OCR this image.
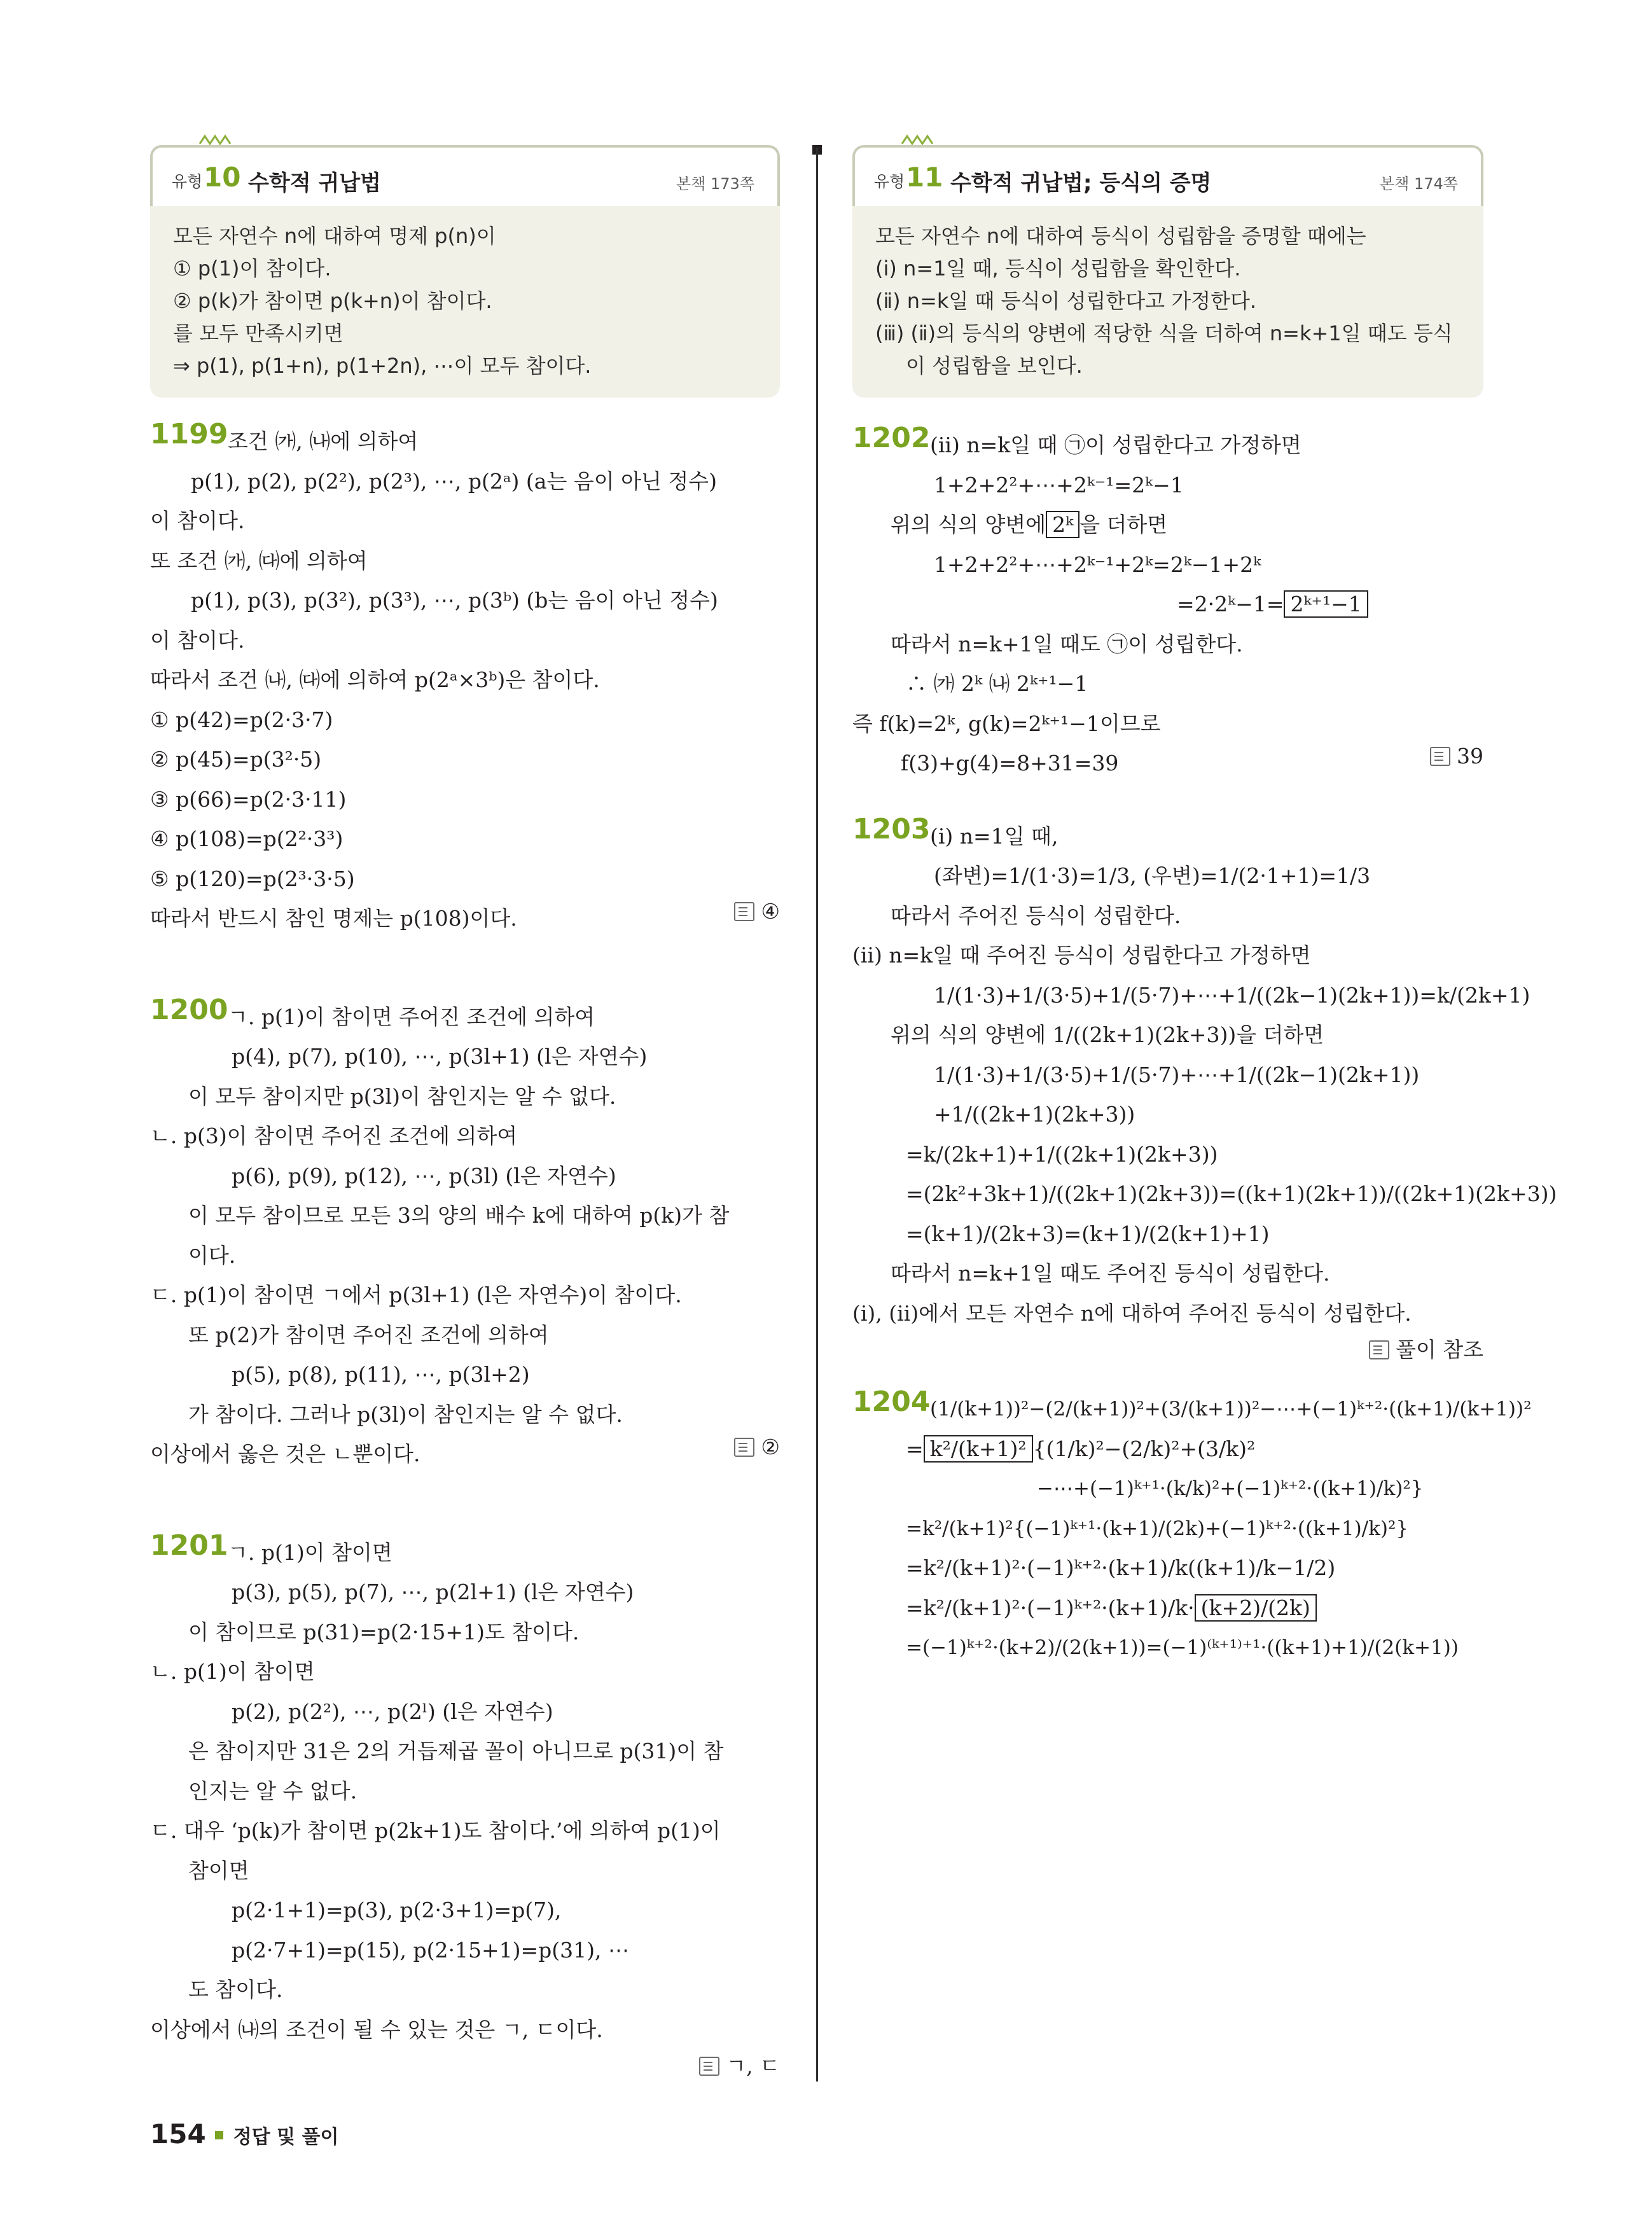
유형 10 수학적 귀납법	본책 173쪽
모든 자연수 n에 대하여 명제 p(n)이
① p(1)이 참이다.
② p(k)가 참이면 p(k+n)이 참이다.
를 모두 만족시키면
⇒ p(1), p(1+n), p(1+2n), ⋯이 모두 참이다.
1199 조건 ㈎, ㈏에 의하여
p(1), p(2), p(2²), p(2³), ⋯, p(2ᵃ) (a는 음이 아닌 정수)
이 참이다.
또 조건 ㈎, ㈐에 의하여
p(1), p(3), p(3²), p(3³), ⋯, p(3ᵇ) (b는 음이 아닌 정수)
이 참이다.
따라서 조건 ㈏, ㈐에 의하여 p(2ᵃ×3ᵇ)은 참이다.
① p(42)=p(2·3·7)
② p(45)=p(3²·5)
③ p(66)=p(2·3·11)
④ p(108)=p(2²·3³)
⑤ p(120)=p(2³·3·5)
따라서 반드시 참인 명제는 p(108)이다.	④
1200 ㄱ. p(1)이 참이면 주어진 조건에 의하여
p(4), p(7), p(10), ⋯, p(3l+1) (l은 자연수)
이 모두 참이지만 p(3l)이 참인지는 알 수 없다.
ㄴ. p(3)이 참이면 주어진 조건에 의하여
p(6), p(9), p(12), ⋯, p(3l) (l은 자연수)
이 모두 참이므로 모든 3의 양의 배수 k에 대하여 p(k)가 참
이다.
ㄷ. p(1)이 참이면 ㄱ에서 p(3l+1) (l은 자연수)이 참이다.
또 p(2)가 참이면 주어진 조건에 의하여
p(5), p(8), p(11), ⋯, p(3l+2)
가 참이다. 그러나 p(3l)이 참인지는 알 수 없다.
이상에서 옳은 것은 ㄴ뿐이다.	②
1201 ㄱ. p(1)이 참이면
p(3), p(5), p(7), ⋯, p(2l+1) (l은 자연수)
이 참이므로 p(31)=p(2·15+1)도 참이다.
ㄴ. p(1)이 참이면
p(2), p(2²), ⋯, p(2ˡ) (l은 자연수)
은 참이지만 31은 2의 거듭제곱 꼴이 아니므로 p(31)이 참
인지는 알 수 없다.
ㄷ. 대우 ‘p(k)가 참이면 p(2k+1)도 참이다.’에 의하여 p(1)이
참이면
p(2·1+1)=p(3), p(2·3+1)=p(7),
p(2·7+1)=p(15), p(2·15+1)=p(31), ⋯
도 참이다.
이상에서 ㈏의 조건이 될 수 있는 것은 ㄱ, ㄷ이다.
ㄱ, ㄷ
유형 11 수학적 귀납법; 등식의 증명	본책 174쪽
모든 자연수 n에 대하여 등식이 성립함을 증명할 때에는
(ⅰ) n=1일 때, 등식이 성립함을 확인한다.
(ⅱ) n=k일 때 등식이 성립한다고 가정한다.
(ⅲ) (ⅱ)의 등식의 양변에 적당한 식을 더하여 n=k+1일 때도 등식
이 성립함을 보인다.
1202 (ⅱ) n=k일 때 ㉠이 성립한다고 가정하면
1+2+2²+⋯+2ᵏ⁻¹=2ᵏ−1
위의 식의 양변에 2ᵏ 을 더하면
1+2+2²+⋯+2ᵏ⁻¹+2ᵏ=2ᵏ−1+2ᵏ
=2·2ᵏ−1= 2ᵏ⁺¹−1
따라서 n=k+1일 때도 ㉠이 성립한다.
∴ ㈎ 2ᵏ ㈏ 2ᵏ⁺¹−1
즉 f(k)=2ᵏ, g(k)=2ᵏ⁺¹−1이므로
f(3)+g(4)=8+31=39	39
1203 (ⅰ) n=1일 때,
(좌변)=1/(1·3)=1/3, (우변)=1/(2·1+1)=1/3
따라서 주어진 등식이 성립한다.
(ⅱ) n=k일 때 주어진 등식이 성립한다고 가정하면
1/(1·3)+1/(3·5)+1/(5·7)+⋯+1/((2k−1)(2k+1))=k/(2k+1)
위의 식의 양변에 1/((2k+1)(2k+3))을 더하면
1/(1·3)+1/(3·5)+1/(5·7)+⋯+1/((2k−1)(2k+1))
+1/((2k+1)(2k+3))
=k/(2k+1)+1/((2k+1)(2k+3))
=(2k²+3k+1)/((2k+1)(2k+3))=((k+1)(2k+1))/((2k+1)(2k+3))
=(k+1)/(2k+3)=(k+1)/(2(k+1)+1)
따라서 n=k+1일 때도 주어진 등식이 성립한다.
(ⅰ), (ⅱ)에서 모든 자연수 n에 대하여 주어진 등식이 성립한다.
풀이 참조
1204 (1/(k+1))²−(2/(k+1))²+(3/(k+1))²−⋯+(−1)ᵏ⁺²·((k+1)/(k+1))²
= k²/(k+1)² {(1/k)²−(2/k)²+(3/k)²
−⋯+(−1)ᵏ⁺¹·(k/k)²+(−1)ᵏ⁺²·((k+1)/k)²}
=k²/(k+1)²{(−1)ᵏ⁺¹·(k+1)/(2k)+(−1)ᵏ⁺²·((k+1)/k)²}
=k²/(k+1)²·(−1)ᵏ⁺²·(k+1)/k((k+1)/k−1/2)
=k²/(k+1)²·(−1)ᵏ⁺²·(k+1)/k· (k+2)/(2k)
=(−1)ᵏ⁺²·(k+2)/(2(k+1))=(−1)⁽ᵏ⁺¹⁾⁺¹·((k+1)+1)/(2(k+1))
154 정답 및 풀이
